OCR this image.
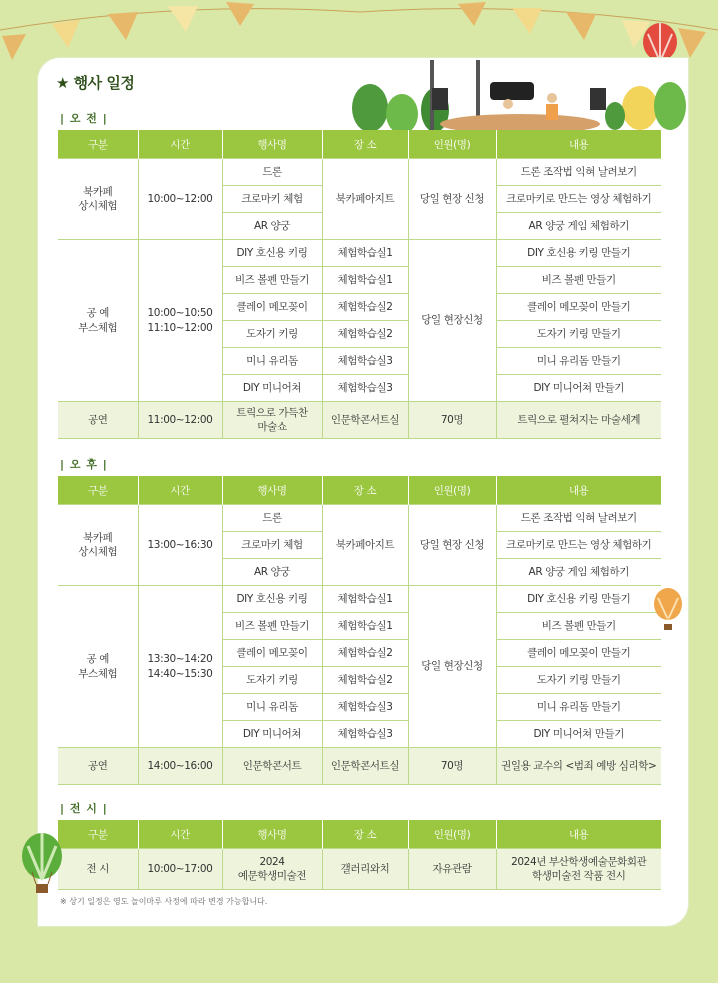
★ 행사 일정
| 오 전 |
구분	시간	행사명	장 소	인원(명)	내용
북카페
상시체험	10:00~12:00	드론	북카페아지트	당일 현장 신청	드론 조작법 익혀 날려보기
		크로마키 체험			크로마키로 만드는 영상 체험하기
		AR 양궁			AR 양궁 게임 체험하기
공 예
부스체험	10:00~10:50
11:10~12:00	DIY 호신용 키링	체험학습실1	당일 현장신청	DIY 호신용 키링 만들기
		비즈 볼펜 만들기	체험학습실1		비즈 볼펜 만들기
		클레이 메모꽂이	체험학습실2		클레이 메모꽂이 만들기
		도자기 키링	체험학습실2		도자기 키링 만들기
		미니 유리돔	체험학습실3		미니 유리돔 만들기
		DIY 미니어쳐	체험학습실3		DIY 미니어쳐 만들기
공연	11:00~12:00	트릭으로 가득찬
마술쇼	인문학콘서트실	70명	트릭으로 펼쳐지는 마술세계
| 오 후 |
구분	시간	행사명	장 소	인원(명)	내용
북카페
상시체험	13:00~16:30	드론	북카페아지트	당일 현장 신청	드론 조작법 익혀 날려보기
		크로마키 체험			크로마키로 만드는 영상 체험하기
		AR 양궁			AR 양궁 게임 체험하기
공 예
부스체험	13:30~14:20
14:40~15:30	DIY 호신용 키링	체험학습실1	당일 현장신청	DIY 호신용 키링 만들기
		비즈 볼펜 만들기	체험학습실1		비즈 볼펜 만들기
		클레이 메모꽂이	체험학습실2		클레이 메모꽂이 만들기
		도자기 키링	체험학습실2		도자기 키링 만들기
		미니 유리돔	체험학습실3		미니 유리돔 만들기
		DIY 미니어쳐	체험학습실3		DIY 미니어쳐 만들기
공연	14:00~16:00	인문학콘서트	인문학콘서트실	70명	권일용 교수의 <범죄 예방 심리학>
| 전 시 |
구분	시간	행사명	장 소	인원(명)	내용
전 시	10:00~17:00	2024
예문학생미술전	갤러리와치	자유관람	2024년 부산학생예술문화회관
학생미술전 작품 전시
※ 상기 일정은 영도 놀이마루 사정에 따라 변경 가능합니다.
